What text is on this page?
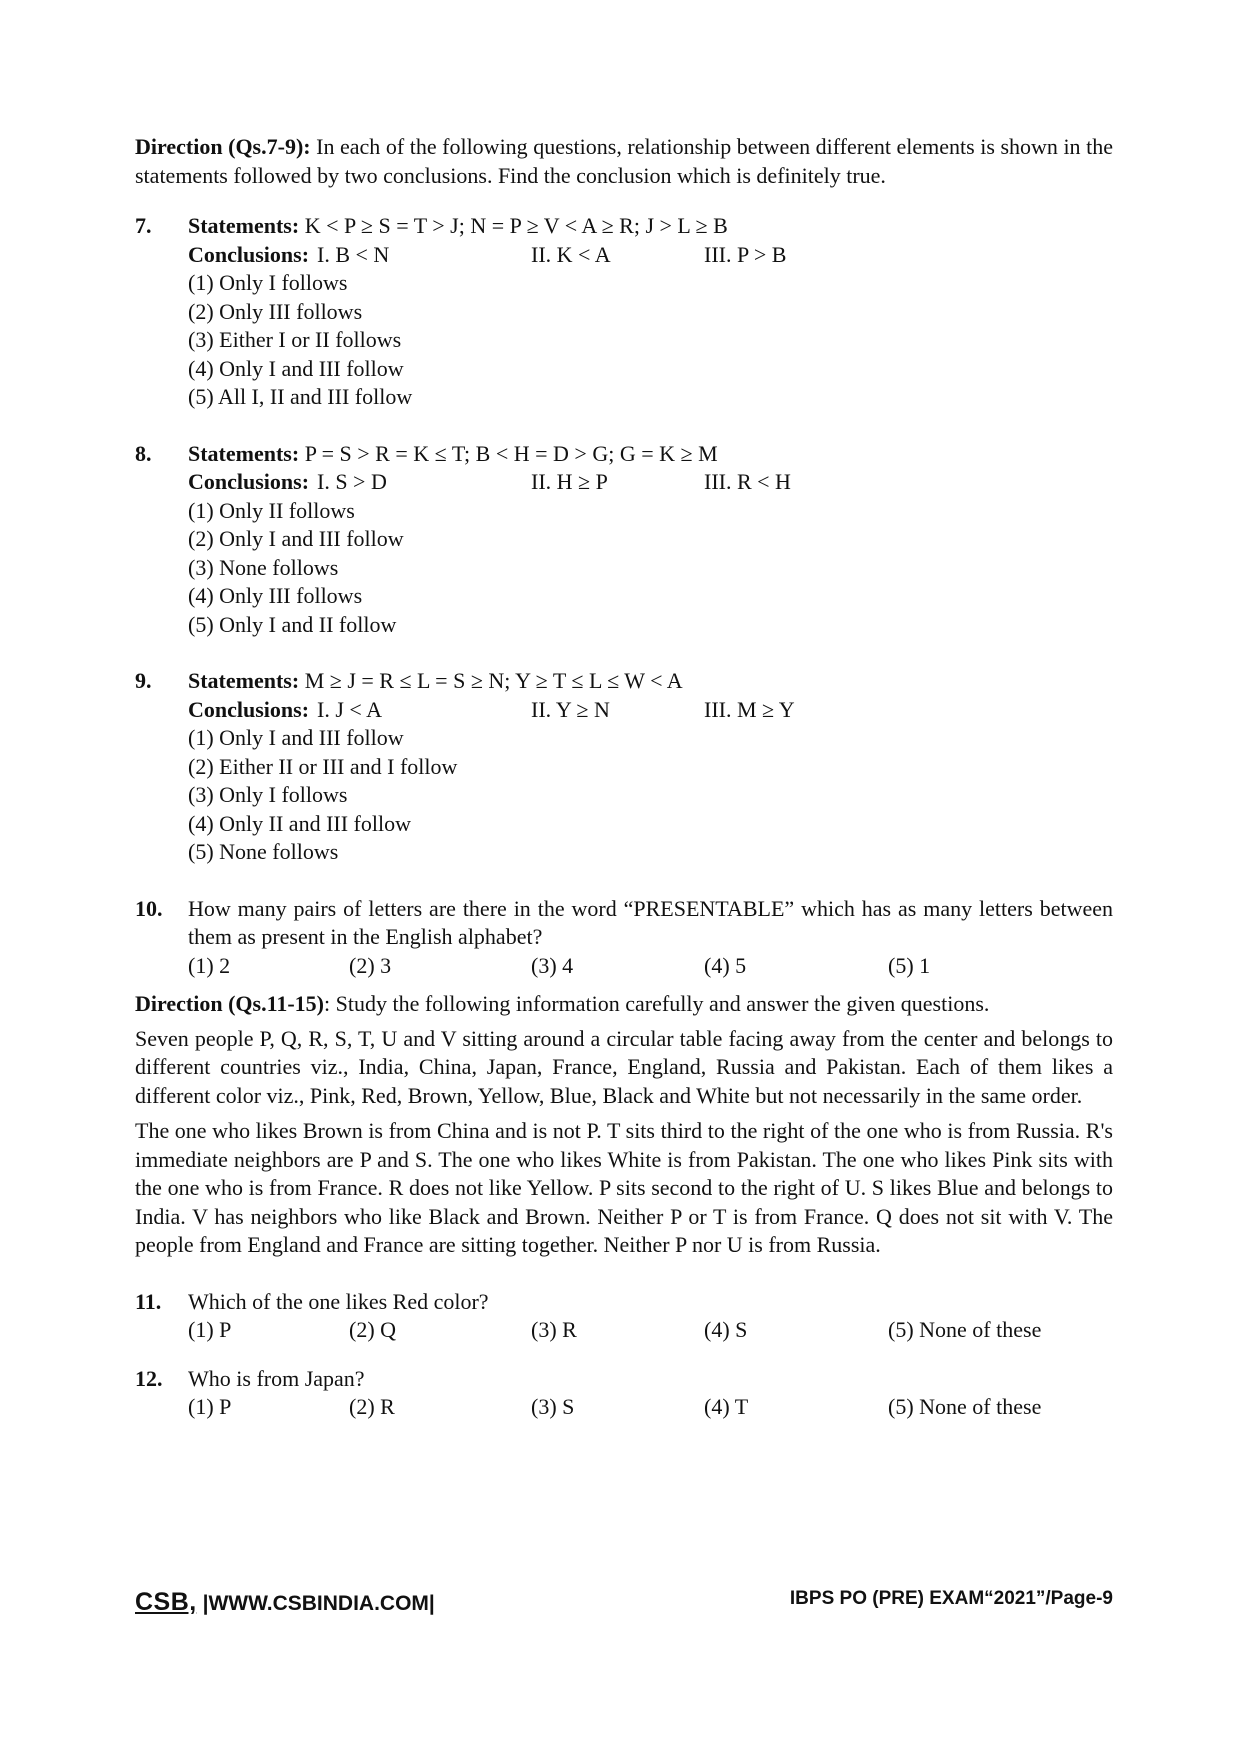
Direction (Qs.7-9): In each of the following questions, relationship between different elements is shown in the statements followed by two conclusions. Find the conclusion which is definitely true.

7. Statements: K < P ≥ S = T > J; N = P ≥ V < A ≥ R; J > L ≥ B
Conclusions: I. B < N	II. K < A	III. P > B
(1) Only I follows
(2) Only III follows
(3) Either I or II follows
(4) Only I and III follow
(5) All I, II and III follow
8. Statements: P = S > R = K ≤ T; B < H = D > G; G = K ≥ M
Conclusions: I. S > D	II. H ≥ P	III. R < H
(1) Only II follows
(2) Only I and III follow
(3) None follows
(4) Only III follows
(5) Only I and II follow
9. Statements: M ≥ J = R ≤ L = S ≥ N; Y ≥ T ≤ L ≤ W < A
Conclusions: I. J < A	II. Y ≥ N	III. M ≥ Y
(1) Only I and III follow
(2) Either II or III and I follow
(3) Only I follows
(4) Only II and III follow
(5) None follows
10. How many pairs of letters are there in the word “PRESENTABLE” which has as many letters between them as present in the English alphabet?

(1) 2	(2) 3	(3) 4	(4) 5	(5) 1

Direction (Qs.11-15): Study the following information carefully and answer the given questions.

Seven people P, Q, R, S, T, U and V sitting around a circular table facing away from the center and belongs to different countries viz., India, China, Japan, France, England, Russia and Pakistan. Each of them likes a different color viz., Pink, Red, Brown, Yellow, Blue, Black and White but not necessarily in the same order.

The one who likes Brown is from China and is not P. T sits third to the right of the one who is from Russia. R's immediate neighbors are P and S. The one who likes White is from Pakistan. The one who likes Pink sits with the one who is from France. R does not like Yellow. P sits second to the right of U. S likes Blue and belongs to India. V has neighbors who like Black and Brown. Neither P or T is from France. Q does not sit with V. The people from England and France are sitting together. Neither P nor U is from Russia.

11. Which of the one likes Red color?
(1) P	(2) Q	(3) R	(4) S	(5) None of these
12. Who is from Japan?
(1) P	(2) R	(3) S	(4) T	(5) None of these
CSB, |WWW.CSBINDIA.COM|	IBPS PO (PRE) EXAM“2021”/Page-9
